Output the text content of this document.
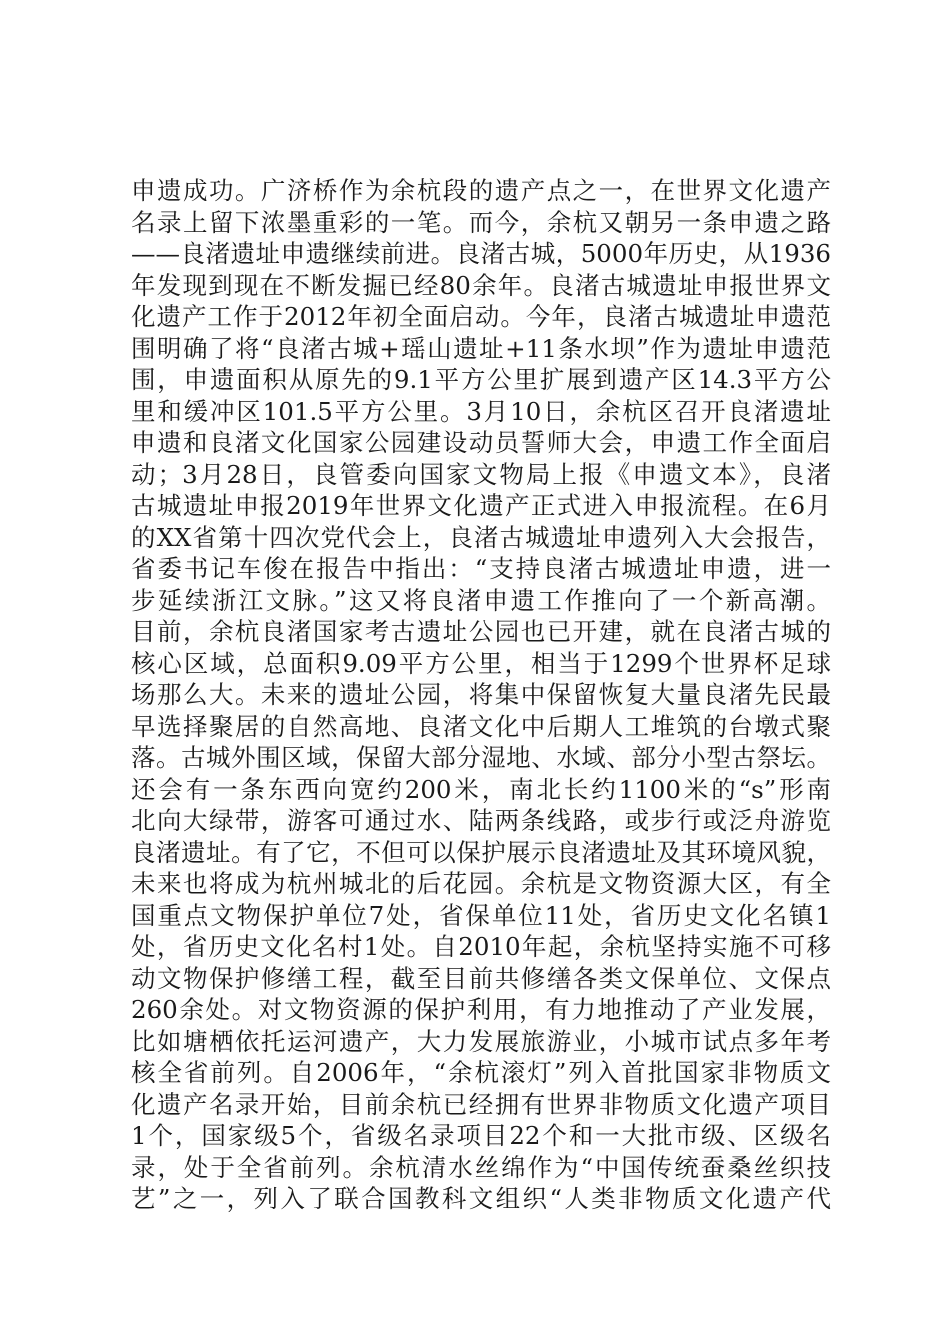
申遗成功。广济桥作为余杭段的遗产点之一，在世界文化遗产
名录上留下浓墨重彩的一笔。而今，余杭又朝另一条申遗之路
——良渚遗址申遗继续前进。良渚古城，5000年历史，从1936
年发现到现在不断发掘已经80余年。良渚古城遗址申报世界文
化遗产工作于2012年初全面启动。今年，良渚古城遗址申遗范
围明确了将“良渚古城+瑶山遗址+11条水坝”作为遗址申遗范
围，申遗面积从原先的9.1平方公里扩展到遗产区14.3平方公
里和缓冲区101.5平方公里。3月10日，余杭区召开良渚遗址
申遗和良渚文化国家公园建设动员誓师大会，申遗工作全面启
动；3月28日，良管委向国家文物局上报《申遗文本》，良渚
古城遗址申报2019年世界文化遗产正式进入申报流程。在6月
的XX省第十四次党代会上，良渚古城遗址申遗列入大会报告，
省委书记车俊在报告中指出：“支持良渚古城遗址申遗，进一
步延续浙江文脉。”这又将良渚申遗工作推向了一个新高潮。
目前，余杭良渚国家考古遗址公园也已开建，就在良渚古城的
核心区域，总面积9.09平方公里，相当于1299个世界杯足球
场那么大。未来的遗址公园，将集中保留恢复大量良渚先民最
早选择聚居的自然高地、良渚文化中后期人工堆筑的台墩式聚
落。古城外围区域，保留大部分湿地、水域、部分小型古祭坛。
还会有一条东西向宽约200米，南北长约1100米的“s”形南
北向大绿带，游客可通过水、陆两条线路，或步行或泛舟游览
良渚遗址。有了它，不但可以保护展示良渚遗址及其环境风貌，
未来也将成为杭州城北的后花园。余杭是文物资源大区，有全
国重点文物保护单位7处，省保单位11处，省历史文化名镇1
处，省历史文化名村1处。自2010年起，余杭坚持实施不可移
动文物保护修缮工程，截至目前共修缮各类文保单位、文保点
260余处。对文物资源的保护利用，有力地推动了产业发展，
比如塘栖依托运河遗产，大力发展旅游业，小城市试点多年考
核全省前列。自2006年，“余杭滚灯”列入首批国家非物质文
化遗产名录开始，目前余杭已经拥有世界非物质文化遗产项目
1个，国家级5个，省级名录项目22个和一大批市级、区级名
录，处于全省前列。余杭清水丝绵作为“中国传统蚕桑丝织技
艺”之一，列入了联合国教科文组织“人类非物质文化遗产代
